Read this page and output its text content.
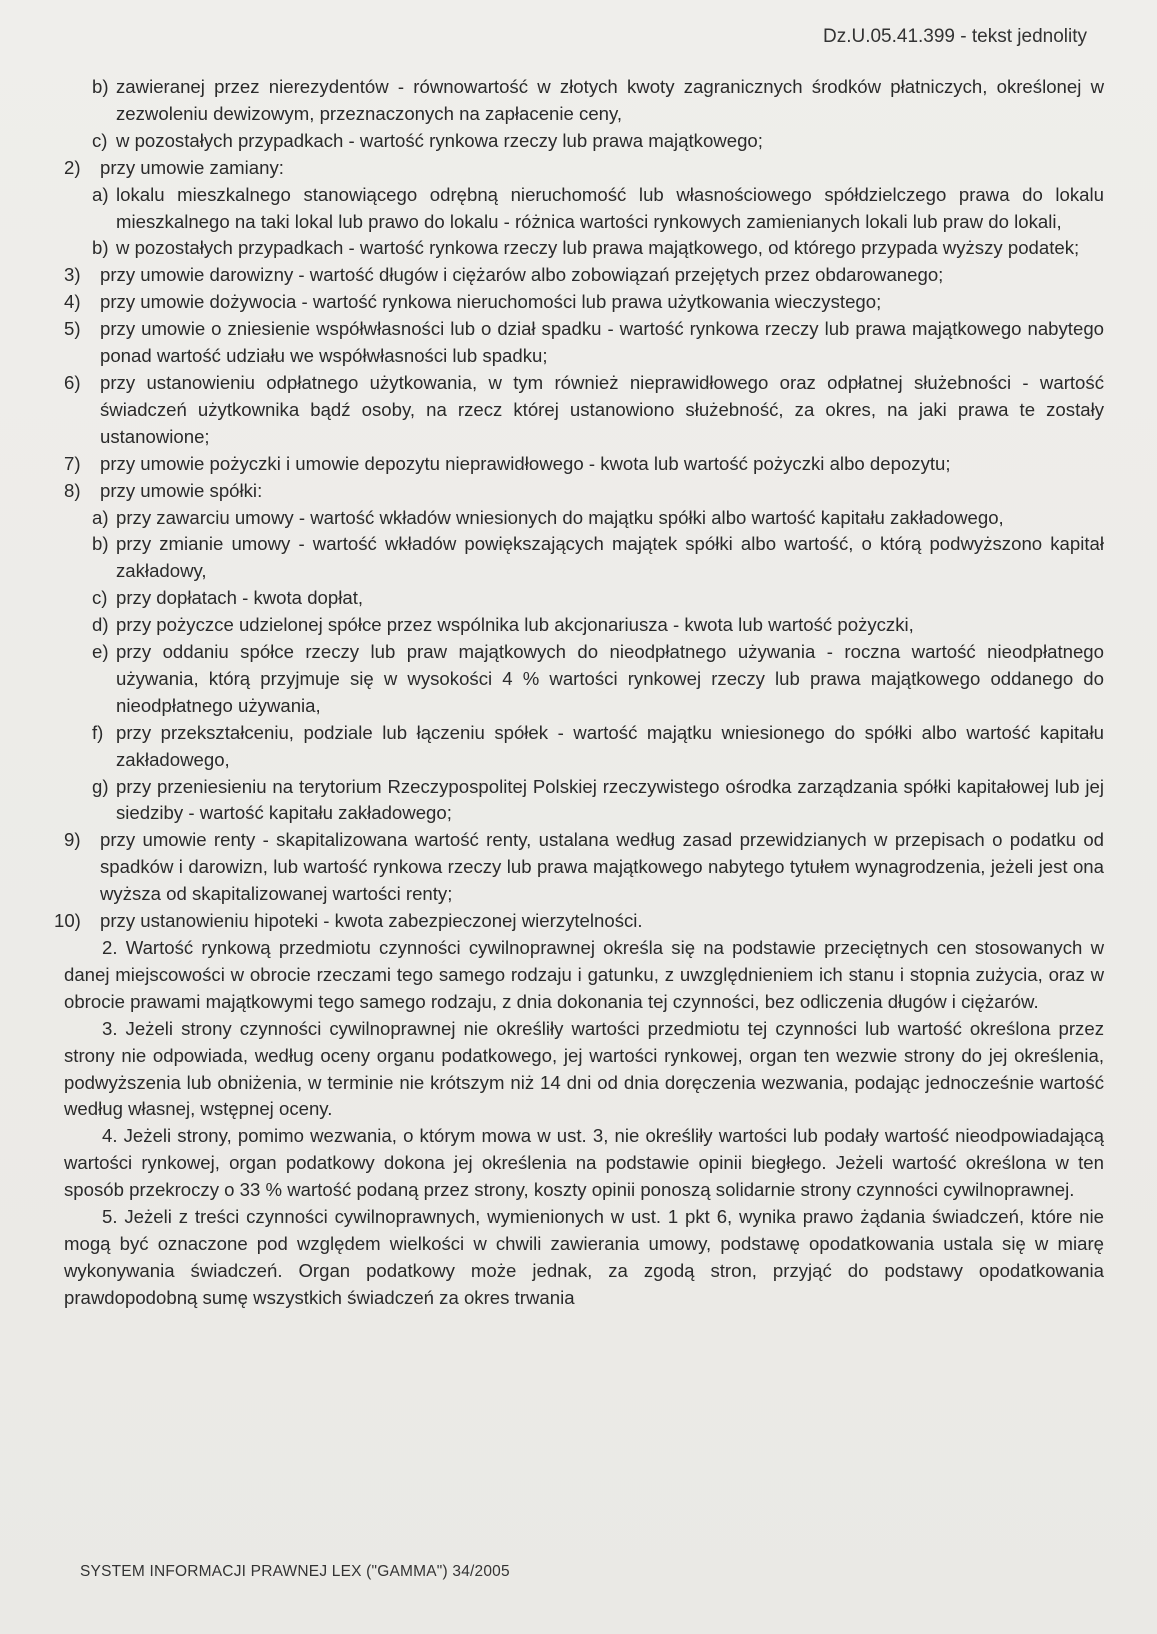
Dz.U.05.41.399 - tekst jednolity
b) zawieranej przez nierezydentów - równowartość w złotych kwoty zagranicznych środków płatniczych, określonej w zezwoleniu dewizowym, przeznaczonych na zapłacenie ceny,
c) w pozostałych przypadkach - wartość rynkowa rzeczy lub prawa majątkowego;
2)	przy umowie zamiany:
a) lokalu mieszkalnego stanowiącego odrębną nieruchomość lub własnościowego spółdzielczego prawa do lokalu mieszkalnego na taki lokal lub prawo do lokalu - różnica wartości rynkowych zamienianych lokali lub praw do lokali,
b) w pozostałych przypadkach - wartość rynkowa rzeczy lub prawa majątkowego, od którego przypada wyższy podatek;
3)	przy umowie darowizny - wartość długów i ciężarów albo zobowiązań przejętych przez obdarowanego;
4)	przy umowie dożywocia - wartość rynkowa nieruchomości lub prawa użytkowania wieczystego;
5)	przy umowie o zniesienie współwłasności lub o dział spadku - wartość rynkowa rzeczy lub prawa majątkowego nabytego ponad wartość udziału we współwłasności lub spadku;
6)	przy ustanowieniu odpłatnego użytkowania, w tym również nieprawidłowego oraz odpłatnej służebności - wartość świadczeń użytkownika bądź osoby, na rzecz której ustanowiono służebność, za okres, na jaki prawa te zostały ustanowione;
7)	przy umowie pożyczki i umowie depozytu nieprawidłowego - kwota lub wartość pożyczki albo depozytu;
8)	przy umowie spółki:
a) przy zawarciu umowy - wartość wkładów wniesionych do majątku spółki albo wartość kapitału zakładowego,
b) przy zmianie umowy - wartość wkładów powiększających majątek spółki albo wartość, o którą podwyższono kapitał zakładowy,
c) przy dopłatach - kwota dopłat,
d) przy pożyczce udzielonej spółce przez wspólnika lub akcjonariusza - kwota lub wartość pożyczki,
e) przy oddaniu spółce rzeczy lub praw majątkowych do nieodpłatnego używania - roczna wartość nieodpłatnego używania, którą przyjmuje się w wysokości 4 % wartości rynkowej rzeczy lub prawa majątkowego oddanego do nieodpłatnego używania,
f) przy przekształceniu, podziale lub łączeniu spółek - wartość majątku wniesionego do spółki albo wartość kapitału zakładowego,
g) przy przeniesieniu na terytorium Rzeczypospolitej Polskiej rzeczywistego ośrodka zarządzania spółki kapitałowej lub jej siedziby - wartość kapitału zakładowego;
9)	przy umowie renty - skapitalizowana wartość renty, ustalana według zasad przewidzianych w przepisach o podatku od spadków i darowizn, lub wartość rynkowa rzeczy lub prawa majątkowego nabytego tytułem wynagrodzenia, jeżeli jest ona wyższa od skapitalizowanej wartości renty;
10)	przy ustanowieniu hipoteki - kwota zabezpieczonej wierzytelności.

2. Wartość rynkową przedmiotu czynności cywilnoprawnej określa się na podstawie przeciętnych cen stosowanych w danej miejscowości w obrocie rzeczami tego samego rodzaju i gatunku, z uwzględnieniem ich stanu i stopnia zużycia, oraz w obrocie prawami majątkowymi tego samego rodzaju, z dnia dokonania tej czynności, bez odliczenia długów i ciężarów.

3. Jeżeli strony czynności cywilnoprawnej nie określiły wartości przedmiotu tej czynności lub wartość określona przez strony nie odpowiada, według oceny organu podatkowego, jej wartości rynkowej, organ ten wezwie strony do jej określenia, podwyższenia lub obniżenia, w terminie nie krótszym niż 14 dni od dnia doręczenia wezwania, podając jednocześnie wartość według własnej, wstępnej oceny.

4. Jeżeli strony, pomimo wezwania, o którym mowa w ust. 3, nie określiły wartości lub podały wartość nieodpowiadającą wartości rynkowej, organ podatkowy dokona jej określenia na podstawie opinii biegłego. Jeżeli wartość określona w ten sposób przekroczy o 33 % wartość podaną przez strony, koszty opinii ponoszą solidarnie strony czynności cywilnoprawnej.

5. Jeżeli z treści czynności cywilnoprawnych, wymienionych w ust. 1 pkt 6, wynika prawo żądania świadczeń, które nie mogą być oznaczone pod względem wielkości w chwili zawierania umowy, podstawę opodatkowania ustala się w miarę wykonywania świadczeń. Organ podatkowy może jednak, za zgodą stron, przyjąć do podstawy opodatkowania prawdopodobną sumę wszystkich świadczeń za okres trwania

SYSTEM INFORMACJI PRAWNEJ LEX ("GAMMA") 34/2005
